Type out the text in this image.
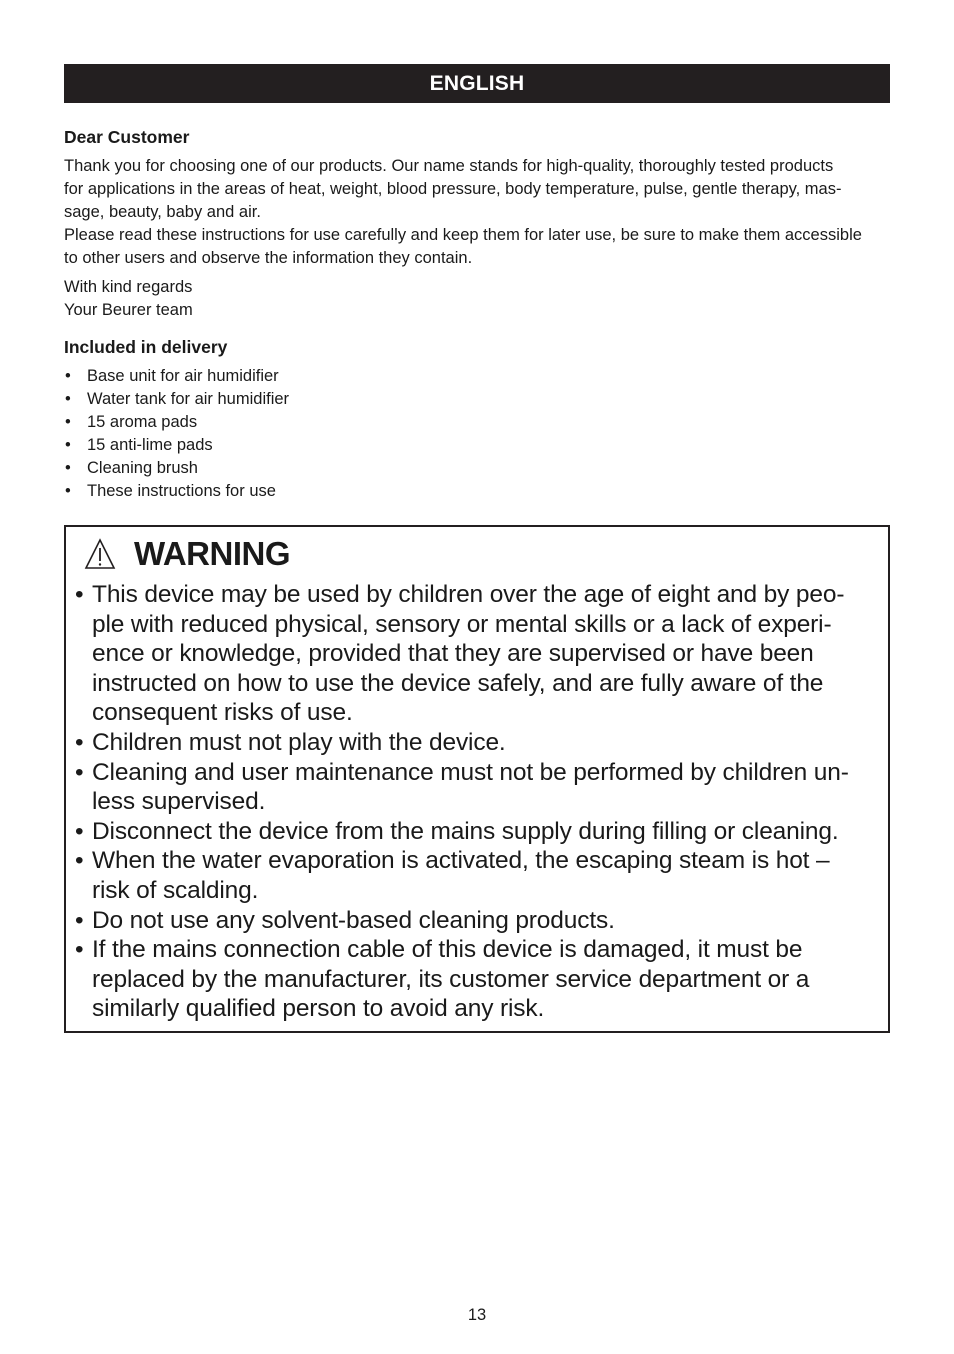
ENGLISH
Dear Customer
Thank you for choosing one of our products. Our name stands for high-quality, thoroughly tested products
for applications in the areas of heat, weight, blood pressure, body temperature, pulse, gentle therapy, mas-
sage, beauty, baby and air.
Please read these instructions for use carefully and keep them for later use, be sure to make them accessible
to other users and observe the information they contain.
With kind regards
Your Beurer team
Included in delivery
• Base unit for air humidifier
• Water tank for air humidifier
• 15 aroma pads
• 15 anti-lime pads
• Cleaning brush
• These instructions for use
WARNING
• This device may be used by children over the age of eight and by peo-
ple with reduced physical, sensory or mental skills or a lack of experi-
ence or knowledge, provided that they are supervised or have been
instructed on how to use the device safely, and are fully aware of the
consequent risks of use.
• Children must not play with the device.
• Cleaning and user maintenance must not be performed by children un-
less supervised.
• Disconnect the device from the mains supply during filling or cleaning.
• When the water evaporation is activated, the escaping steam is hot –
risk of scalding.
• Do not use any solvent-based cleaning products.
• If the mains connection cable of this device is damaged, it must be
replaced by the manufacturer, its customer service department or a
similarly qualified person to avoid any risk.
13
